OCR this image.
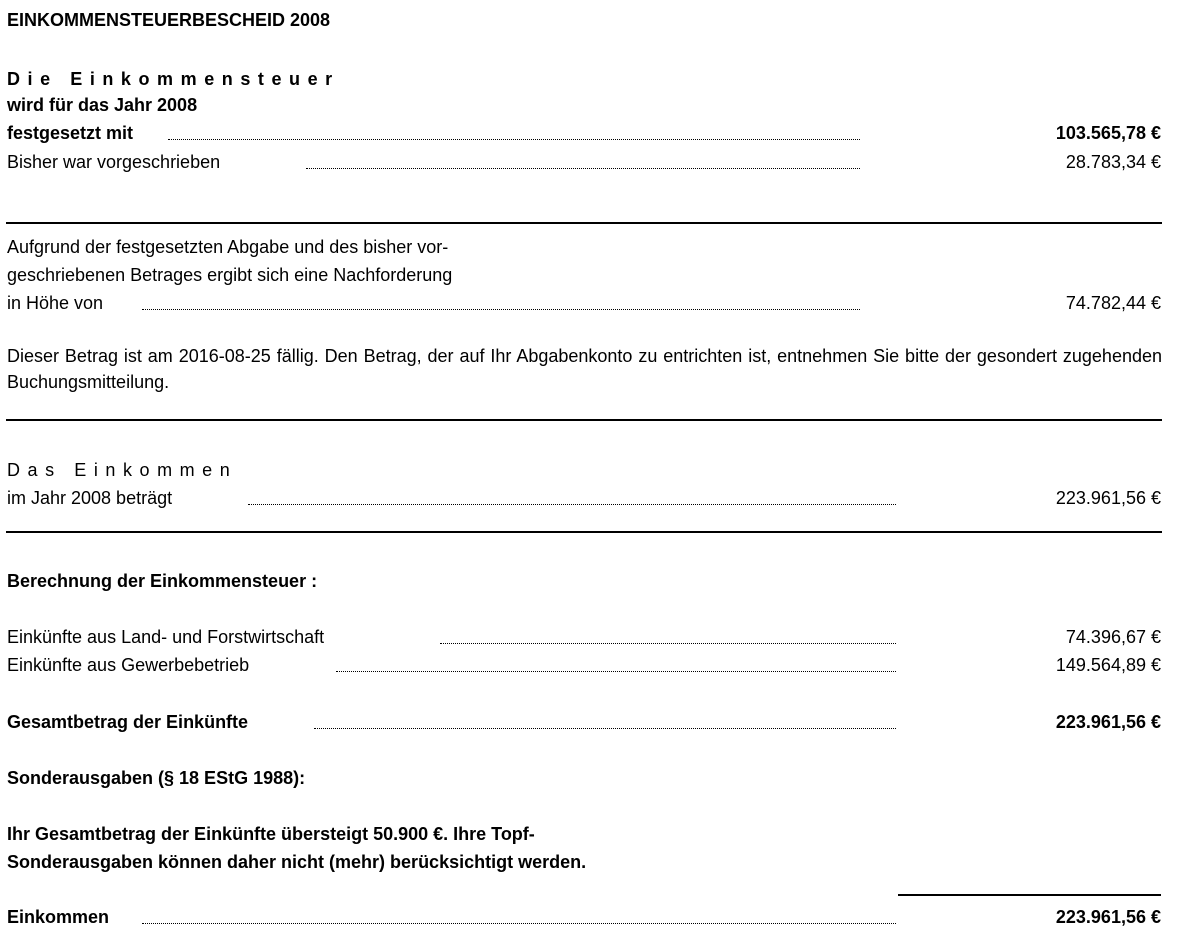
EINKOMMENSTEUERBESCHEID 2008
Die Einkommensteuer
wird für das Jahr 2008
festgesetzt mit	103.565,78 €
Bisher war vorgeschrieben	28.783,34 €
Aufgrund der festgesetzten Abgabe und des bisher vor-
geschriebenen Betrages ergibt sich eine Nachforderung
in Höhe von	74.782,44 €
Dieser Betrag ist am 2016-08-25 fällig. Den Betrag, der auf Ihr Abgabenkonto zu entrichten ist, entnehmen Sie bitte der gesondert zugehenden Buchungsmitteilung.
Das Einkommen
im Jahr 2008 beträgt	223.961,56 €
Berechnung der Einkommensteuer :
Einkünfte aus Land- und Forstwirtschaft	74.396,67 €
Einkünfte aus Gewerbebetrieb	149.564,89 €
Gesamtbetrag der Einkünfte	223.961,56 €
Sonderausgaben (§ 18 EStG 1988):
Ihr Gesamtbetrag der Einkünfte übersteigt 50.900 €. Ihre Topf-
Sonderausgaben können daher nicht (mehr) berücksichtigt werden.
Einkommen	223.961,56 €
